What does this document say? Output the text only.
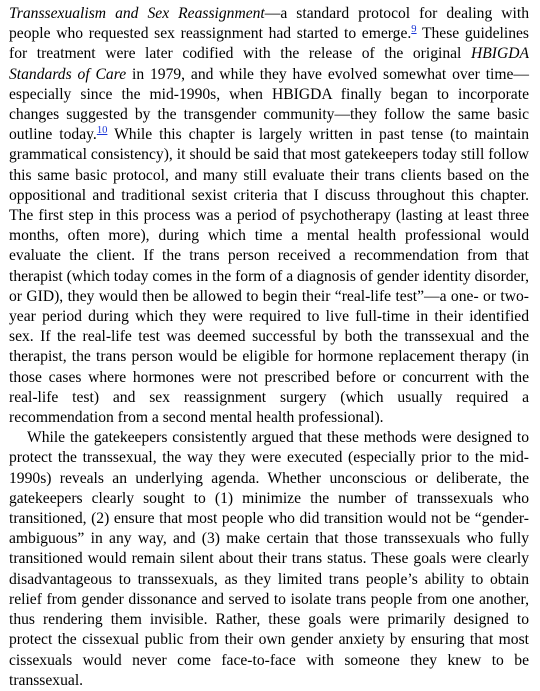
Transsexualism and Sex Reassignment—a standard protocol for dealing with people who requested sex reassignment had started to emerge.$^9$ These guidelines for treatment were later codified with the release of the original HBIGDA Standards of Care in 1979, and while they have evolved somewhat over time—especially since the mid-1990s, when HBIGDA finally began to incorporate changes suggested by the transgender community—they follow the same basic outline today.$^{10}$ While this chapter is largely written in past tense (to maintain grammatical consistency), it should be said that most gatekeepers today still follow this same basic protocol, and many still evaluate their trans clients based on the oppositional and traditional sexist criteria that I discuss throughout this chapter. The first step in this process was a period of psychotherapy (lasting at least three months, often more), during which time a mental health professional would evaluate the client. If the trans person received a recommendation from that therapist (which today comes in the form of a diagnosis of gender identity disorder, or GID), they would then be allowed to begin their “real-life test”—a one- or two-year period during which they were required to live full-time in their identified sex. If the real-life test was deemed successful by both the transsexual and the therapist, the trans person would be eligible for hormone replacement therapy (in those cases where hormones were not prescribed before or concurrent with the real-life test) and sex reassignment surgery (which usually required a recommendation from a second mental health professional).

While the gatekeepers consistently argued that these methods were designed to protect the transsexual, the way they were executed (especially prior to the mid-1990s) reveals an underlying agenda. Whether unconscious or deliberate, the gatekeepers clearly sought to (1) minimize the number of transsexuals who transitioned, (2) ensure that most people who did transition would not be “gender-ambiguous” in any way, and (3) make certain that those transsexuals who fully transitioned would remain silent about their trans status. These goals were clearly disadvantageous to transsexuals, as they limited trans people’s ability to obtain relief from gender dissonance and served to isolate trans people from one another, thus rendering them invisible. Rather, these goals were primarily designed to protect the cissexual public from their own gender anxiety by ensuring that most cissexuals would never come face-to-face with someone they knew to be transsexual.
